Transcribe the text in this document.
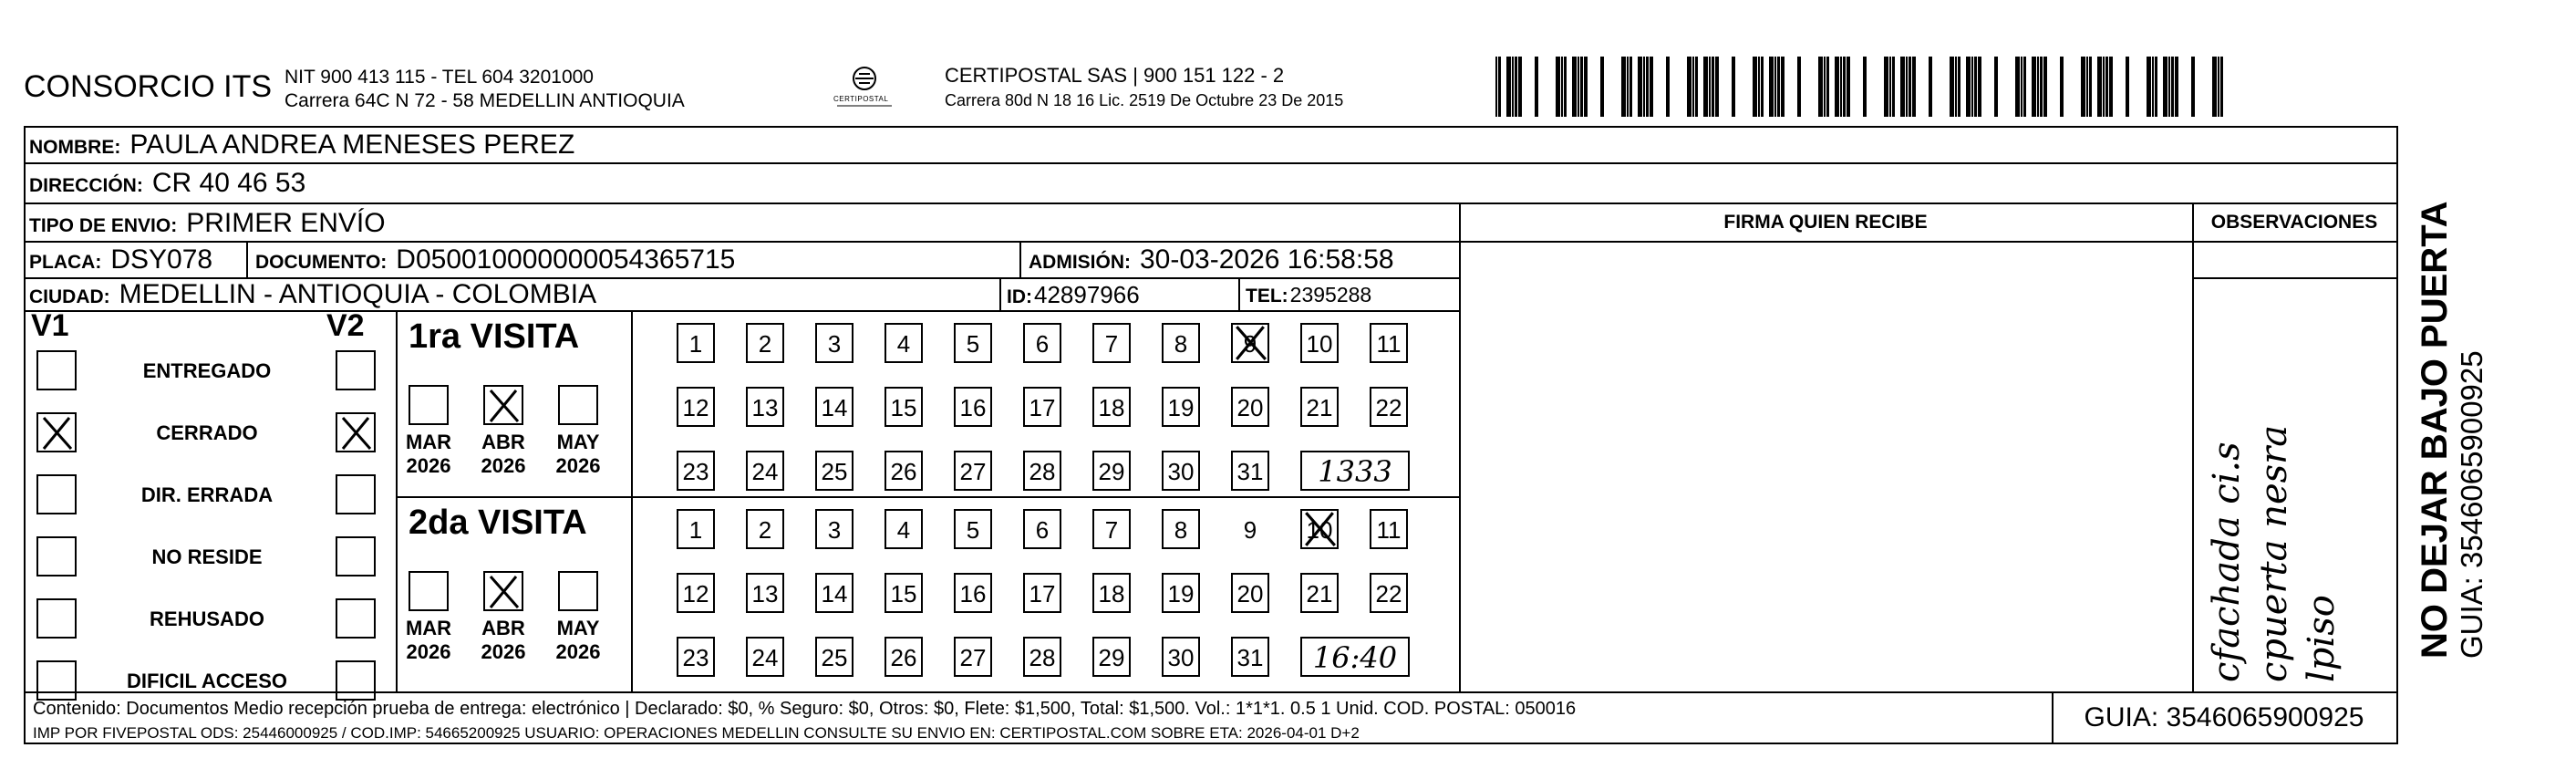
CONSORCIO ITS NIT 900 413 115 - TEL 604 3201000
Carrera 64C N 72 - 58 MEDELLIN ANTIOQUIA	CERTIPOSTAL
CERTIPOSTAL SAS | 900 151 122 - 2
Carrera 80d N 18 16 Lic. 2519 De Octubre 23 De 2015
NOMBRE: PAULA ANDREA MENESES PEREZ
DIRECCIÓN: CR 40 46 53
TIPO DE ENVIO: PRIMER ENVÍO
PLACA: DSY078 DOCUMENTO: D050010000000054365715	ADMISIÓN: 30-03-2026 16:58:58
CIUDAD: MEDELLIN - ANTIOQUIA - COLOMBIA	ID: 42897966	TEL: 2395288
FIRMA QUIEN RECIBE	OBSERVACIONES
cfachada ci.s cpuerta nesra lpiso
V1	V2
ENTREGADO
CERRADO
DIR. ERRADA
NO RESIDE
REHUSADO
DIFICIL ACCESO
1ra VISITA
MAR
2026
ABR
2026
MAY
2026
1	2	3	4	5	6	7	8	9	10 11
12 13 14 15 16 17 18 19 20 21 22
23 24 25 26 27 28 29 30 31	1333
2da VISITA
MAR
2026
ABR
2026
MAY
2026
1	2	3	4	5	6	7	8	9	10 11
12 13 14 15 16 17 18 19 20 21 22
23 24 25 26 27 28 29 30 31	16:40
Contenido: Documentos Medio recepción prueba de entrega: electrónico | Declarado: $0, % Seguro: $0, Otros: $0, Flete: $1,500, Total: $1,500. Vol.: 1*1*1. 0.5 1 Unid. COD. POSTAL: 050016
IMP POR FIVEPOSTAL ODS: 25446000925 / COD.IMP: 54665200925 USUARIO: OPERACIONES MEDELLIN CONSULTE SU ENVIO EN: CERTIPOSTAL.COM SOBRE ETA: 2026-04-01 D+2
GUIA: 3546065900925
NO DEJAR BAJO PUERTA GUIA: 3546065900925
